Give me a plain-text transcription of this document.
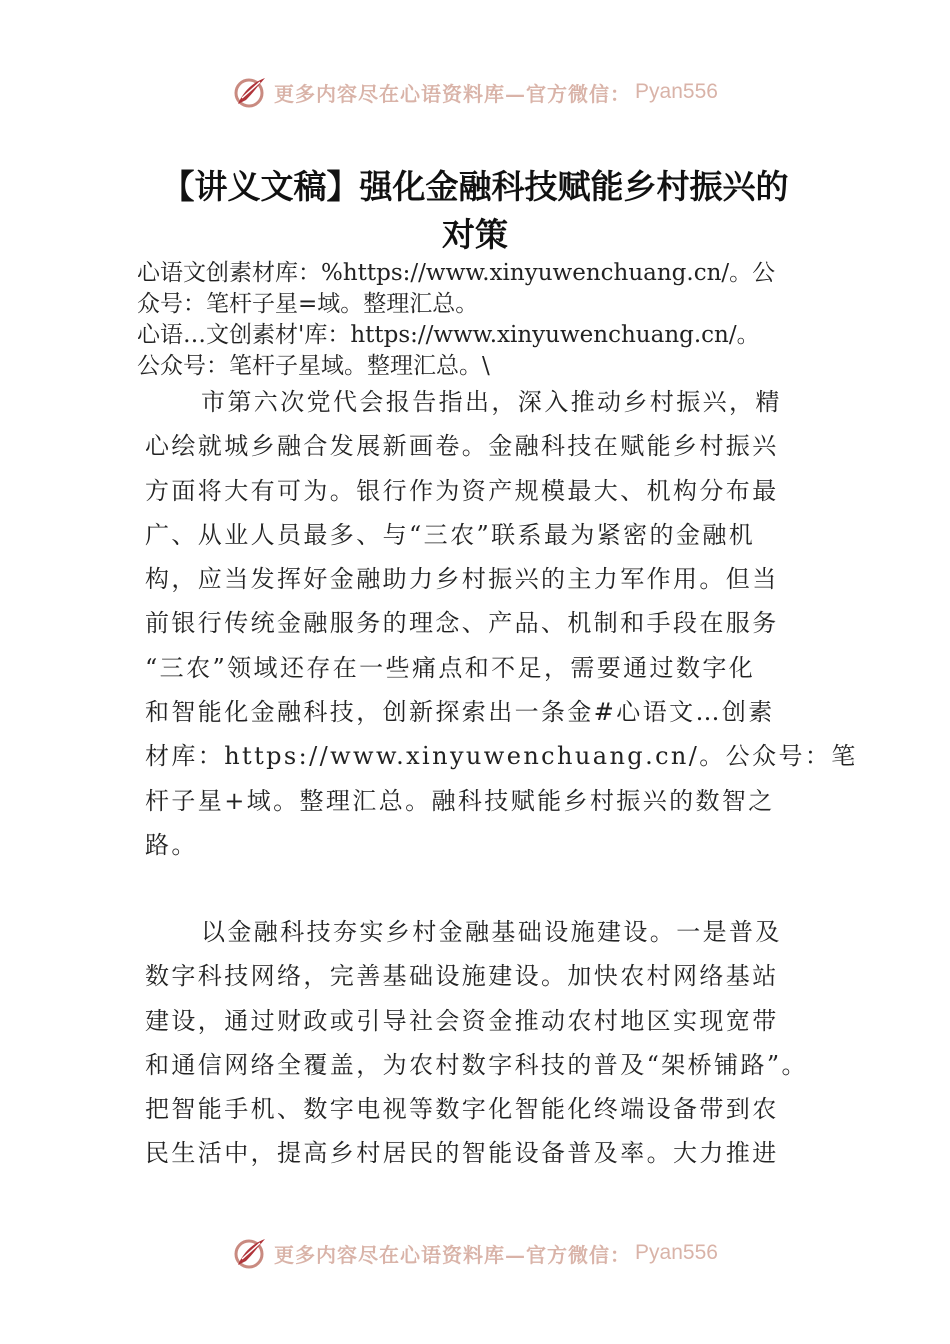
更多内容尽在心语资料库—官方微信： Pyan556
【讲义文稿】强化金融科技赋能乡村振兴的
对策
心语文创素材库：%https://www.xinyuwenchuang.cn/。公
众号：笔杆子星=域。整理汇总。
心语…文创素材'库：https://www.xinyuwenchuang.cn/。
公众号：笔杆子星域。整理汇总。\
市第六次党代会报告指出，深入推动乡村振兴，精
心绘就城乡融合发展新画卷。金融科技在赋能乡村振兴
方面将大有可为。银行作为资产规模最大、机构分布最
广、从业人员最多、与“三农”联系最为紧密的金融机
构，应当发挥好金融助力乡村振兴的主力军作用。但当
前银行传统金融服务的理念、产品、机制和手段在服务
“三农”领域还存在一些痛点和不足，需要通过数字化
和智能化金融科技，创新探索出一条金#心语文…创素
材库：https://www.xinyuwenchuang.cn/。公众号：笔
杆子星+域。整理汇总。融科技赋能乡村振兴的数智之
路。
以金融科技夯实乡村金融基础设施建设。一是普及
数字科技网络，完善基础设施建设。加快农村网络基站
建设，通过财政或引导社会资金推动农村地区实现宽带
和通信网络全覆盖，为农村数字科技的普及“架桥铺路”。
把智能手机、数字电视等数字化智能化终端设备带到农
民生活中，提高乡村居民的智能设备普及率。大力推进
更多内容尽在心语资料库—官方微信： Pyan556
